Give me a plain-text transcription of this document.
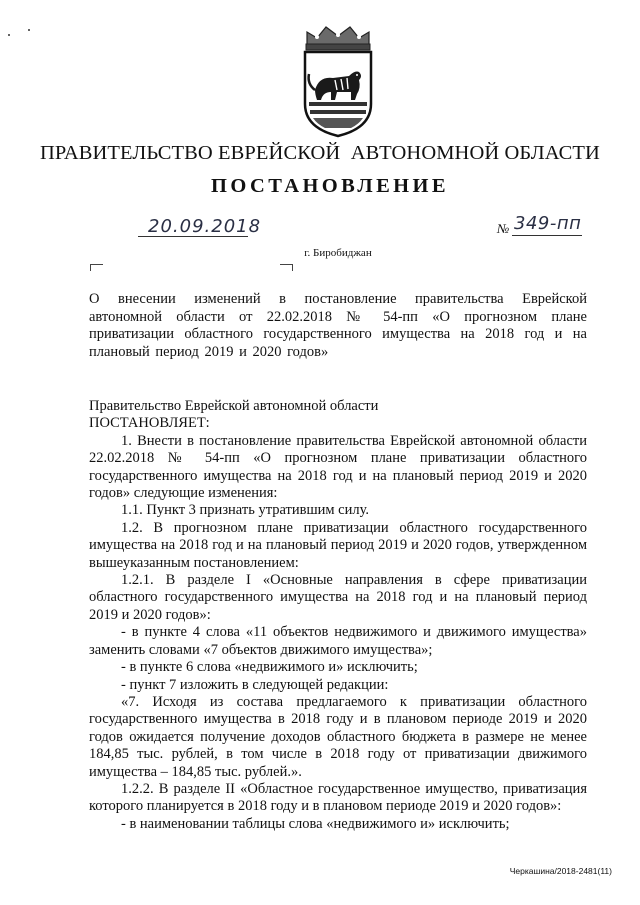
ПРАВИТЕЛЬСТВО ЕВРЕЙСКОЙ  АВТОНОМНОЙ ОБЛАСТИ
ПОСТАНОВЛЕНИЕ
20.09.2018	№ 349-пп
г. Биробиджан
О внесении изменений в постановление правительства Еврейской автономной области от 22.02.2018 № 54-пп «О прогнозном плане приватизации областного государственного имущества на 2018 год и на плановый период 2019 и 2020 годов»

Правительство Еврейской автономной области

ПОСТАНОВЛЯЕТ:

1. Внести в постановление правительства Еврейской автономной области 22.02.2018 № 54-пп «О прогнозном плане приватизации областного государственного имущества на 2018 год и на плановый период 2019 и 2020 годов» следующие изменения:

1.1. Пункт 3 признать утратившим силу.

1.2. В прогнозном плане приватизации областного государственного имущества на 2018 год и на плановый период 2019 и 2020 годов, утвержденном вышеуказанным постановлением:

1.2.1. В разделе I «Основные направления в сфере приватизации областного государственного имущества на 2018 год и на плановый период 2019 и 2020 годов»:

- в пункте 4 слова «11 объектов недвижимого и движимого имущества» заменить словами «7 объектов движимого имущества»;

- в пункте 6 слова «недвижимого и» исключить;

- пункт 7 изложить в следующей редакции:

«7. Исходя из состава предлагаемого к приватизации областного государственного имущества в 2018 году и в плановом периоде 2019 и 2020 годов ожидается получение доходов областного бюджета в размере не менее 184,85 тыс. рублей, в том числе в 2018 году от приватизации движимого имущества – 184,85 тыс. рублей.».

1.2.2. В разделе II «Областное государственное имущество, приватизация которого планируется в 2018 году и в плановом периоде 2019 и 2020 годов»:

- в наименовании таблицы слова «недвижимого и» исключить;

Черкашина/2018-2481(11)
